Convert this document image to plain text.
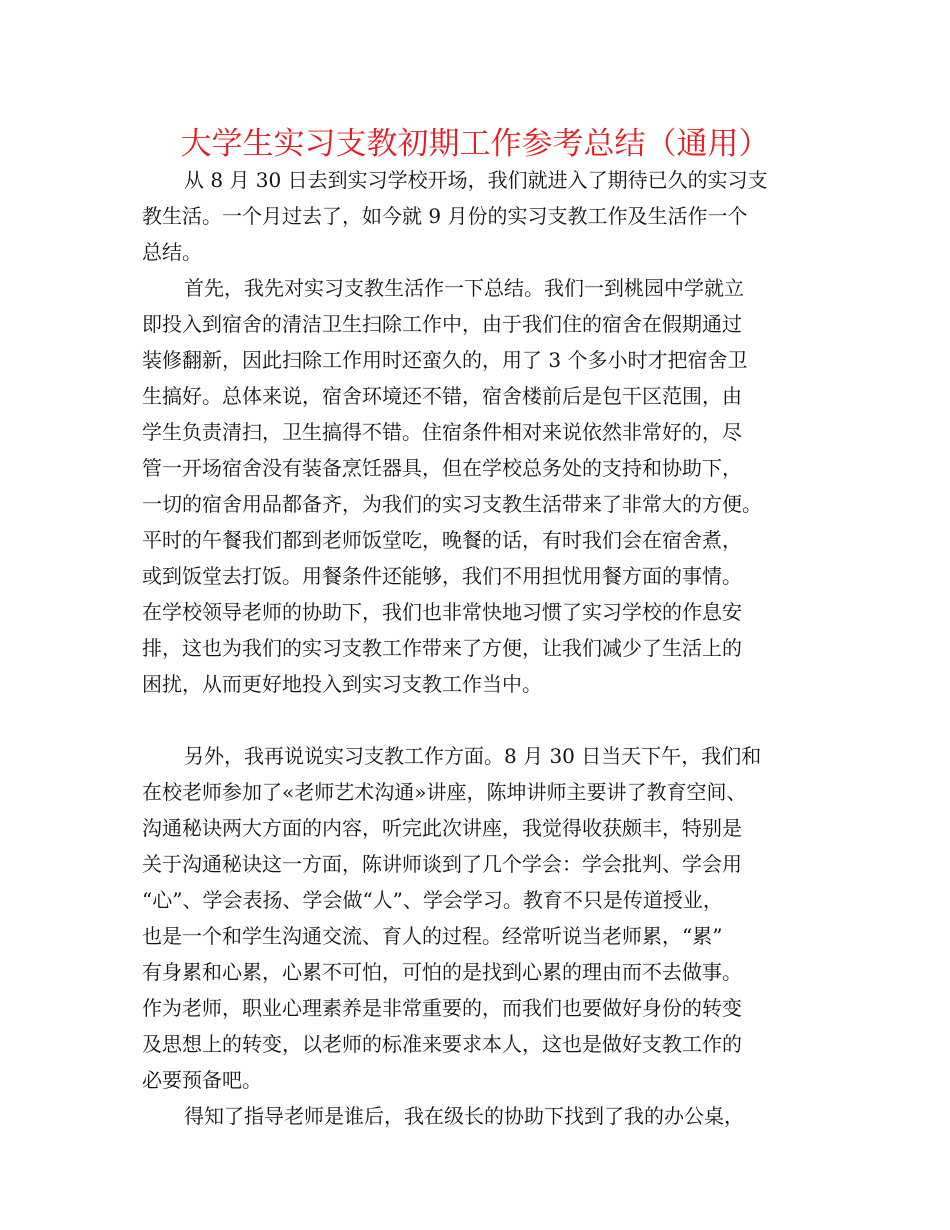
大学生实习支教初期工作参考总结（通用）
从 8 月 30 日去到实习学校开场，我们就进入了期待已久的实习支
教生活。一个月过去了，如今就 9 月份的实习支教工作及生活作一个
总结。
首先，我先对实习支教生活作一下总结。我们一到桃园中学就立
即投入到宿舍的清洁卫生扫除工作中，由于我们住的宿舍在假期通过
装修翻新，因此扫除工作用时还蛮久的，用了 3 个多小时才把宿舍卫
生搞好。总体来说，宿舍环境还不错，宿舍楼前后是包干区范围，由
学生负责清扫，卫生搞得不错。住宿条件相对来说依然非常好的，尽
管一开场宿舍没有装备烹饪器具，但在学校总务处的支持和协助下，
一切的宿舍用品都备齐，为我们的实习支教生活带来了非常大的方便。
平时的午餐我们都到老师饭堂吃，晚餐的话，有时我们会在宿舍煮，
或到饭堂去打饭。用餐条件还能够，我们不用担忧用餐方面的事情。
在学校领导老师的协助下，我们也非常快地习惯了实习学校的作息安
排，这也为我们的实习支教工作带来了方便，让我们减少了生活上的
困扰，从而更好地投入到实习支教工作当中。
另外，我再说说实习支教工作方面。8 月 30 日当天下午，我们和
在校老师参加了«老师艺术沟通»讲座，陈坤讲师主要讲了教育空间、
沟通秘诀两大方面的内容，听完此次讲座，我觉得收获颇丰，特别是
关于沟通秘诀这一方面，陈讲师谈到了几个学会：学会批判、学会用
“心”、学会表扬、学会做“人”、学会学习。教育不只是传道授业，
也是一个和学生沟通交流、育人的过程。经常听说当老师累，“累”
有身累和心累，心累不可怕，可怕的是找到心累的理由而不去做事。
作为老师，职业心理素养是非常重要的，而我们也要做好身份的转变
及思想上的转变，以老师的标准来要求本人，这也是做好支教工作的
必要预备吧。
得知了指导老师是谁后，我在级长的协助下找到了我的办公桌，
